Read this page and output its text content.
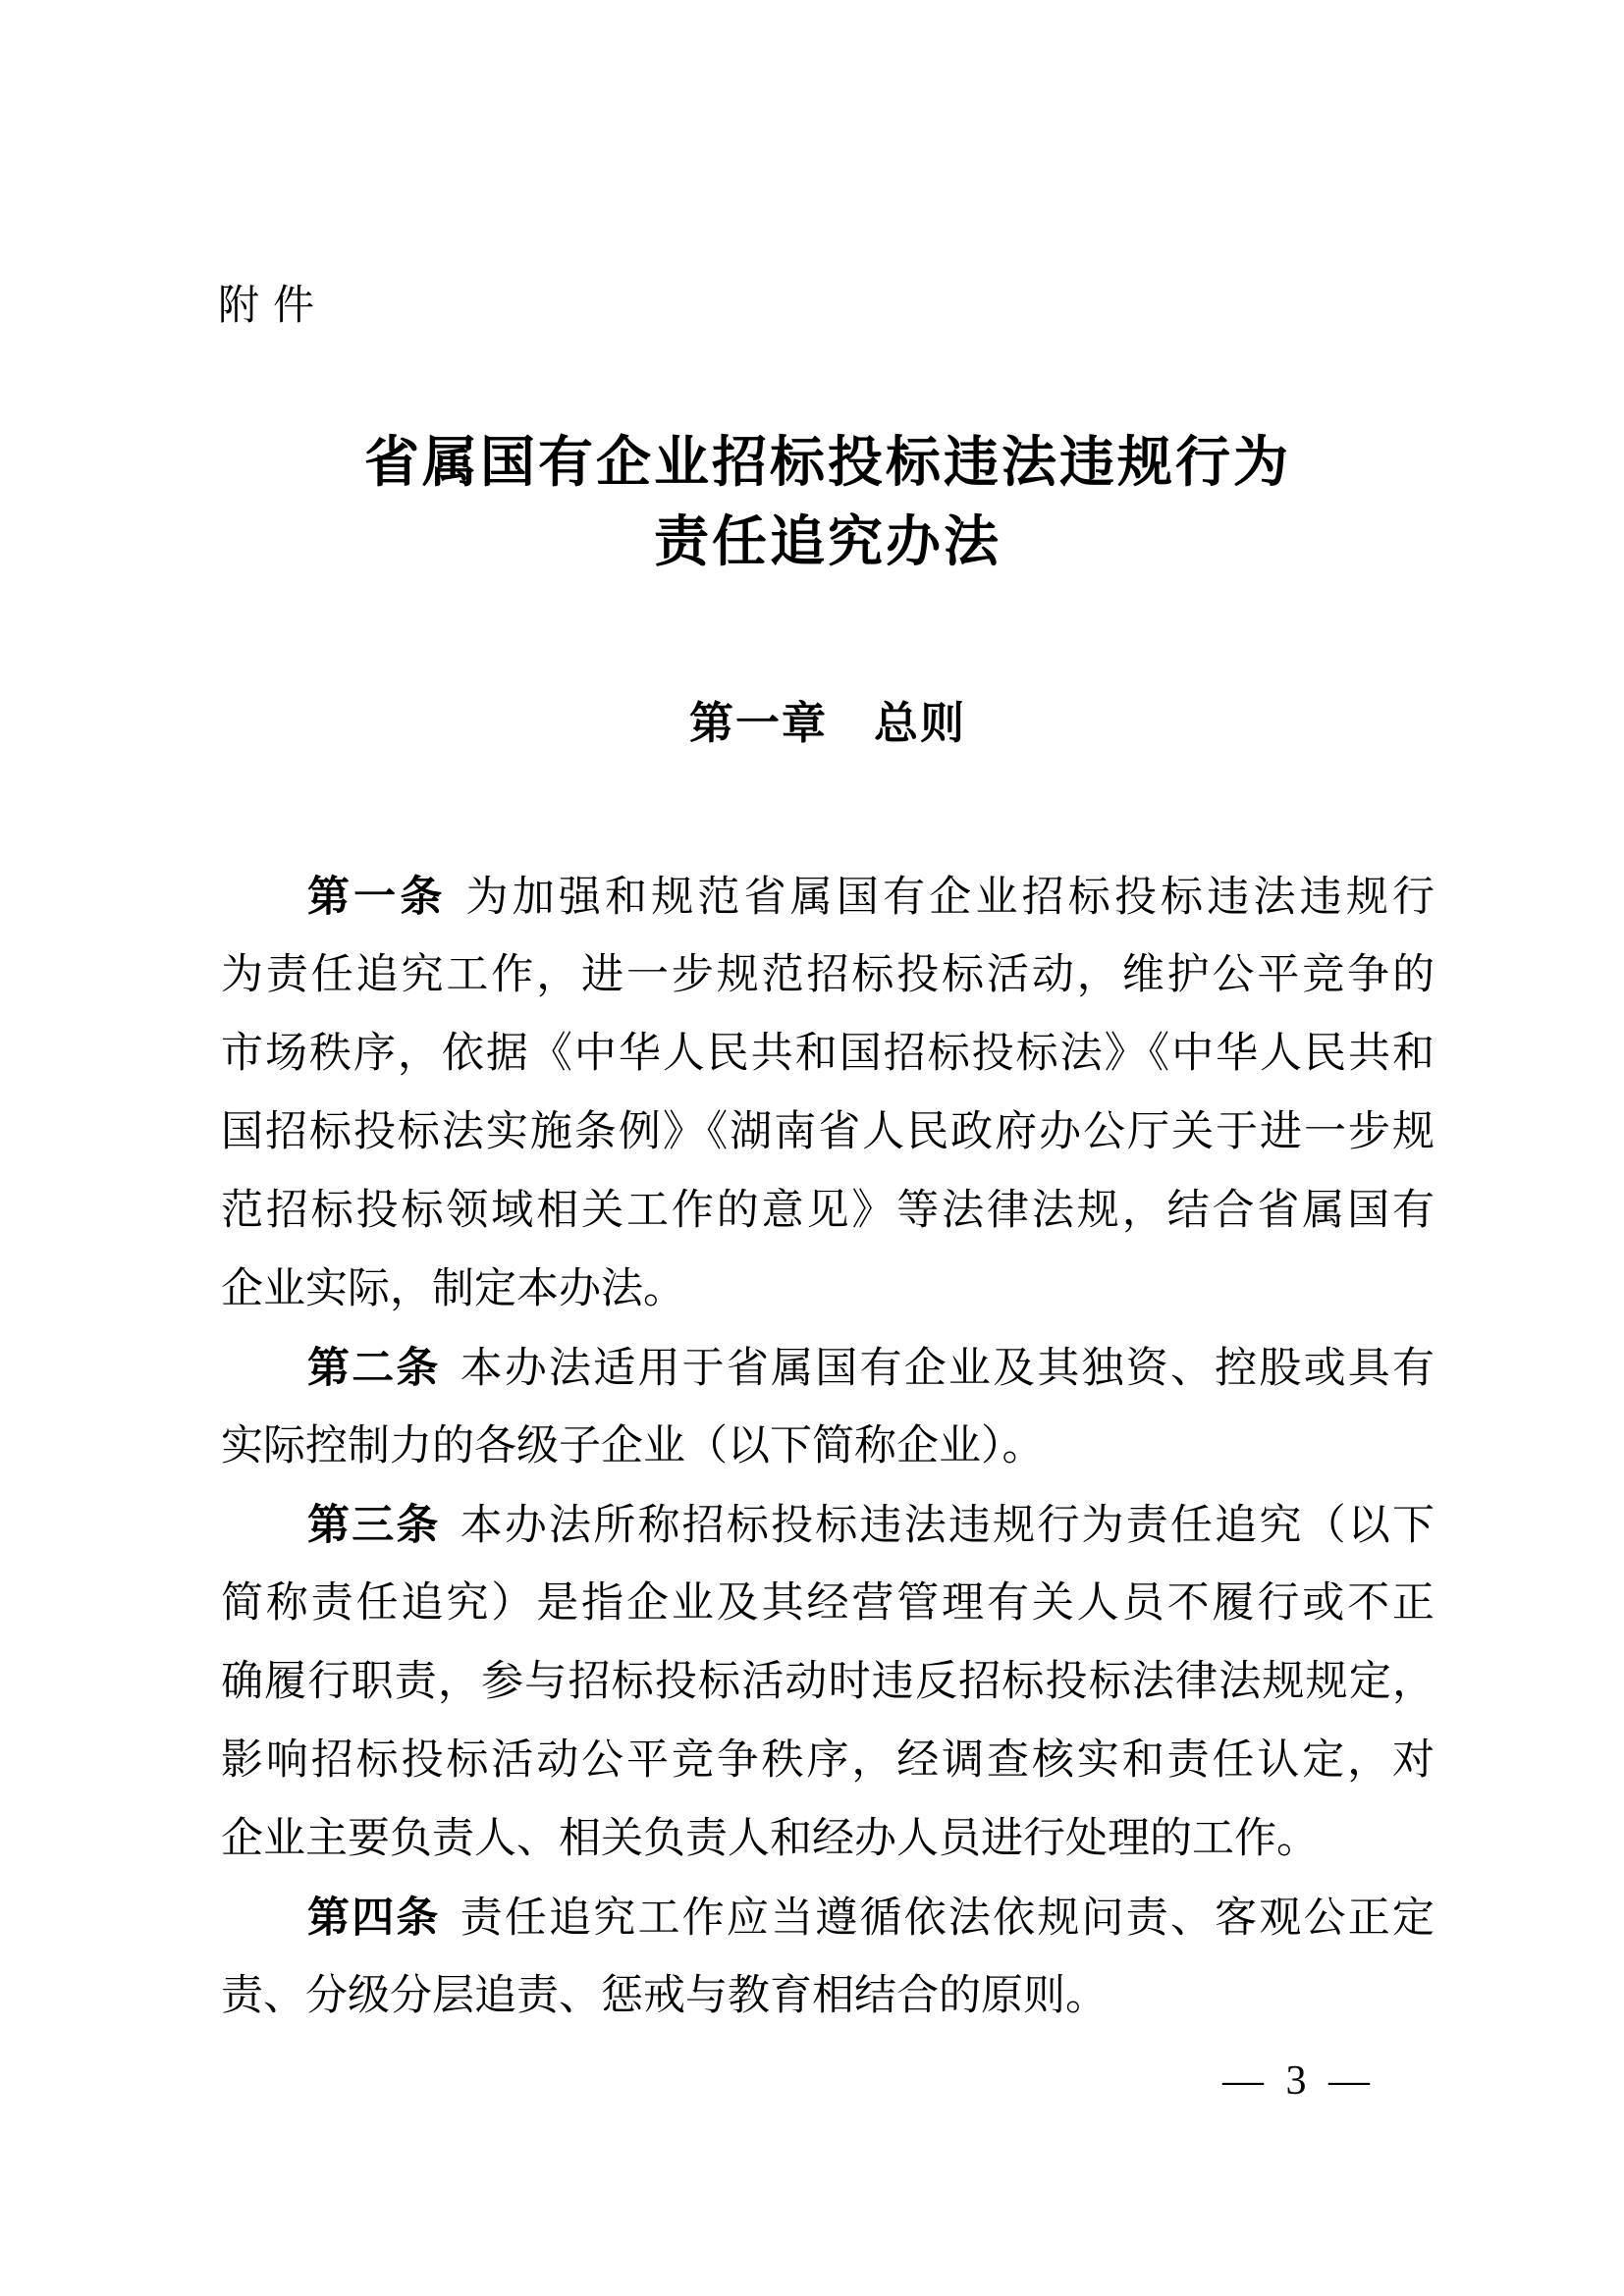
附件
省属国有企业招标投标违法违规行为
责任追究办法
第一章　总则

第一条 为加强和规范省属国有企业招标投标违法违规行

为责任追究工作，进一步规范招标投标活动，维护公平竞争的

市场秩序，依据《中华人民共和国招标投标法》《中华人民共和

国招标投标法实施条例》《湖南省人民政府办公厅关于进一步规

范招标投标领域相关工作的意见》等法律法规，结合省属国有

企业实际，制定本办法。

第二条 本办法适用于省属国有企业及其独资、控股或具有

实际控制力的各级子企业（以下简称企业）。

第三条 本办法所称招标投标违法违规行为责任追究（以下

简称责任追究）是指企业及其经营管理有关人员不履行或不正

确履行职责，参与招标投标活动时违反招标投标法律法规规定，

影响招标投标活动公平竞争秩序，经调查核实和责任认定，对

企业主要负责人、相关负责人和经办人员进行处理的工作。

第四条 责任追究工作应当遵循依法依规问责、客观公正定

责、分级分层追责、惩戒与教育相结合的原则。

— 3 —
